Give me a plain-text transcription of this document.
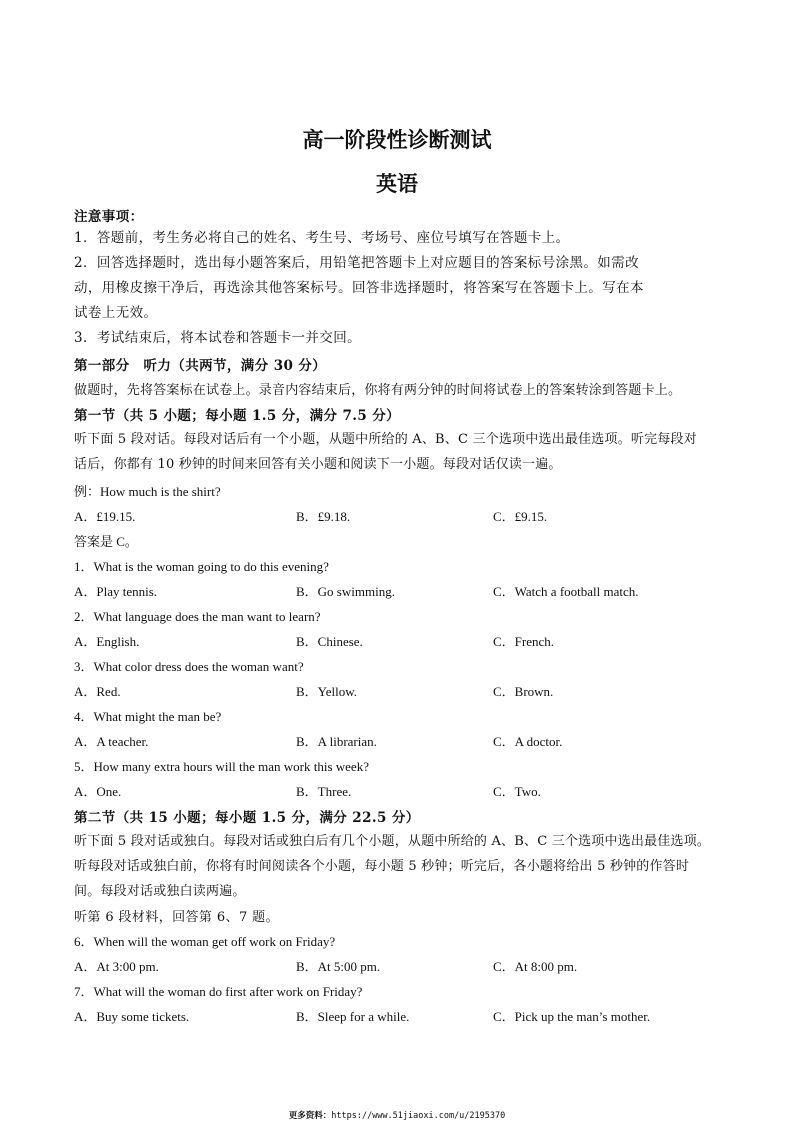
高一阶段性诊断测试
英语
注意事项：
1．答题前，考生务必将自己的姓名、考生号、考场号、座位号填写在答题卡上。
2．回答选择题时，选出每小题答案后，用铅笔把答题卡上对应题目的答案标号涂黑。如需改
动，用橡皮擦干净后，再选涂其他答案标号。回答非选择题时，将答案写在答题卡上。写在本
试卷上无效。
3．考试结束后，将本试卷和答题卡一并交回。
第一部分　听力（共两节，满分 30 分）
做题时，先将答案标在试卷上。录音内容结束后，你将有两分钟的时间将试卷上的答案转涂到答题卡上。
第一节（共 5 小题；每小题 1.5 分，满分 7.5 分）
听下面 5 段对话。每段对话后有一个小题，从题中所给的 A、B、C 三个选项中选出最佳选项。听完每段对
话后，你都有 10 秒钟的时间来回答有关小题和阅读下一小题。每段对话仅读一遍。
例：How much is the shirt?
A．£19.15.	B．£9.18.	C．£9.15.
答案是 C。
1．What is the woman going to do this evening?
A．Play tennis.	B．Go swimming.	C．Watch a football match.
2．What language does the man want to learn?
A．English.	B．Chinese.	C．French.
3．What color dress does the woman want?
A．Red.	B．Yellow.	C．Brown.
4．What might the man be?
A．A teacher.	B．A librarian.	C．A doctor.
5．How many extra hours will the man work this week?
A．One.	B．Three.	C．Two.
第二节（共 15 小题；每小题 1.5 分，满分 22.5 分）
听下面 5 段对话或独白。每段对话或独白后有几个小题，从题中所给的 A、B、C 三个选项中选出最佳选项。
听每段对话或独白前，你将有时间阅读各个小题，每小题 5 秒钟；听完后，各小题将给出 5 秒钟的作答时
间。每段对话或独白读两遍。
听第 6 段材料，回答第 6、7 题。
6．When will the woman get off work on Friday?
A．At 3:00 pm.	B．At 5:00 pm.	C．At 8:00 pm.
7．What will the woman do first after work on Friday?
A．Buy some tickets.	B．Sleep for a while.	C．Pick up the man’s mother.
更多资料：https://www.51jiaoxi.com/u/2195370
